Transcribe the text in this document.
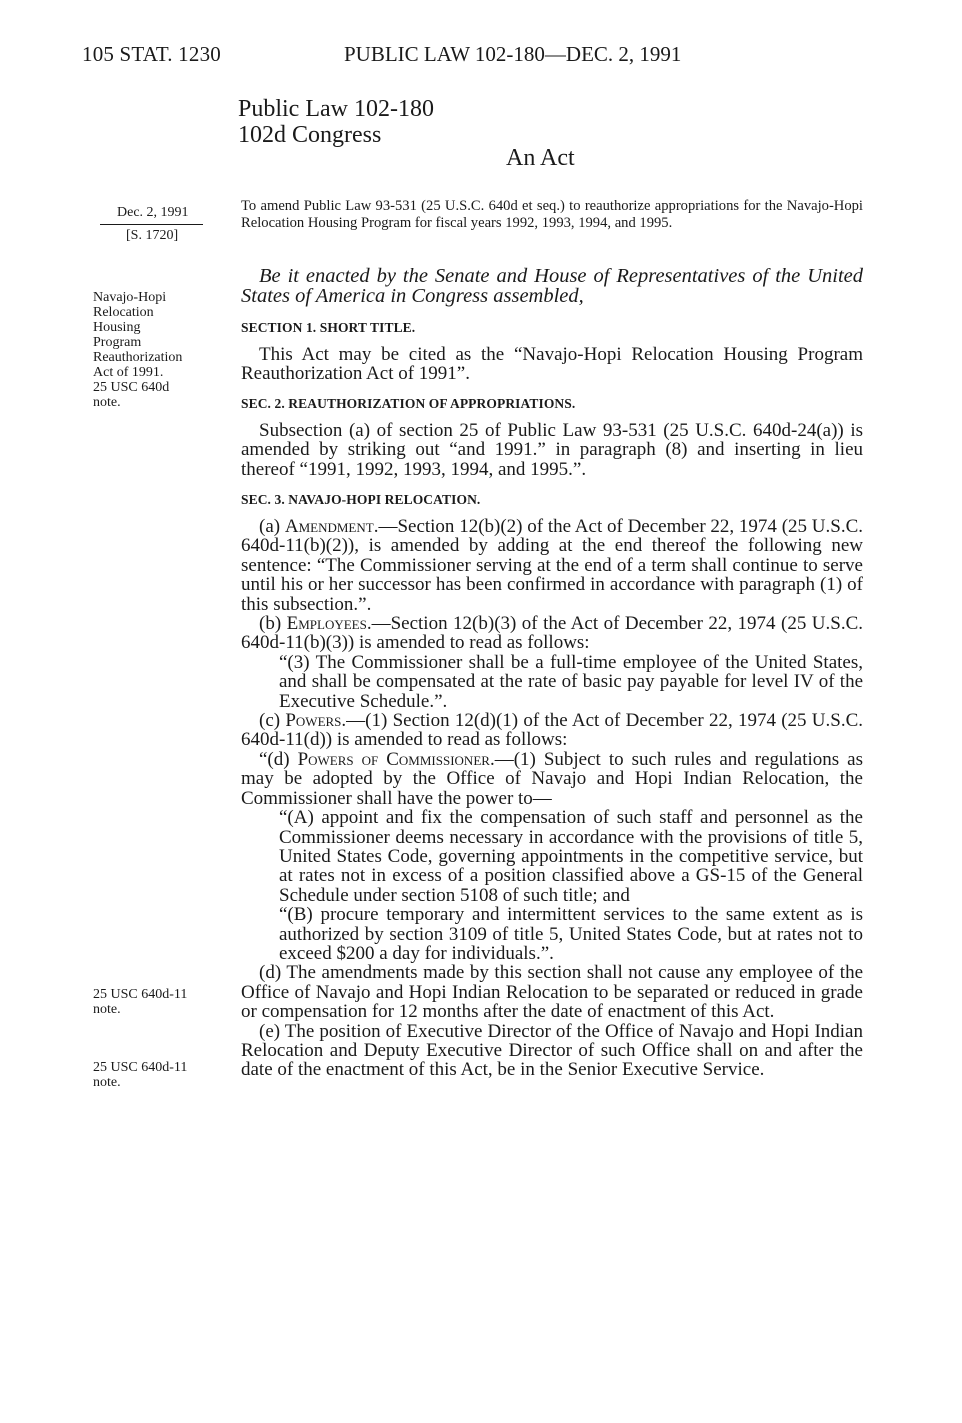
105 STAT. 1230	PUBLIC LAW 102-180—DEC. 2, 1991
Public Law 102-180
102d Congress
An Act
Dec. 2, 1991
[S. 1720]
Navajo-Hopi
Relocation
Housing
Program
Reauthorization
Act of 1991.
25 USC 640d
note.
25 USC 640d-11
note.
25 USC 640d-11
note.
To amend Public Law 93-531 (25 U.S.C. 640d et seq.) to reauthorize appropriations for the Navajo-Hopi Relocation Housing Program for fiscal years 1992, 1993, 1994, and 1995.
Be it enacted by the Senate and House of Representatives of the United States of America in Congress assembled,
SECTION 1. SHORT TITLE.
This Act may be cited as the “Navajo-Hopi Relocation Housing Program Reauthorization Act of 1991”.
SEC. 2. REAUTHORIZATION OF APPROPRIATIONS.
Subsection (a) of section 25 of Public Law 93-531 (25 U.S.C. 640d-24(a)) is amended by striking out “and 1991.” in paragraph (8) and inserting in lieu thereof “1991, 1992, 1993, 1994, and 1995.”.
SEC. 3. NAVAJO-HOPI RELOCATION.

(a) Amendment.—Section 12(b)(2) of the Act of December 22, 1974 (25 U.S.C. 640d-11(b)(2)), is amended by adding at the end thereof the following new sentence: “The Commissioner serving at the end of a term shall continue to serve until his or her successor has been confirmed in accordance with paragraph (1) of this subsection.”.

(b) Employees.—Section 12(b)(3) of the Act of December 22, 1974 (25 U.S.C. 640d-11(b)(3)) is amended to read as follows:

“(3) The Commissioner shall be a full-time employee of the United States, and shall be compensated at the rate of basic pay payable for level IV of the Executive Schedule.”.

(c) Powers.—(1) Section 12(d)(1) of the Act of December 22, 1974 (25 U.S.C. 640d-11(d)) is amended to read as follows:

“(d) Powers of Commissioner.—(1) Subject to such rules and regulations as may be adopted by the Office of Navajo and Hopi Indian Relocation, the Commissioner shall have the power to—

“(A) appoint and fix the compensation of such staff and personnel as the Commissioner deems necessary in accordance with the provisions of title 5, United States Code, governing appointments in the competitive service, but at rates not in excess of a position classified above a GS-15 of the General Schedule under section 5108 of such title; and

“(B) procure temporary and intermittent services to the same extent as is authorized by section 3109 of title 5, United States Code, but at rates not to exceed $200 a day for individuals.”.

(d) The amendments made by this section shall not cause any employee of the Office of Navajo and Hopi Indian Relocation to be separated or reduced in grade or compensation for 12 months after the date of enactment of this Act.

(e) The position of Executive Director of the Office of Navajo and Hopi Indian Relocation and Deputy Executive Director of such Office shall on and after the date of the enactment of this Act, be in the Senior Executive Service.
